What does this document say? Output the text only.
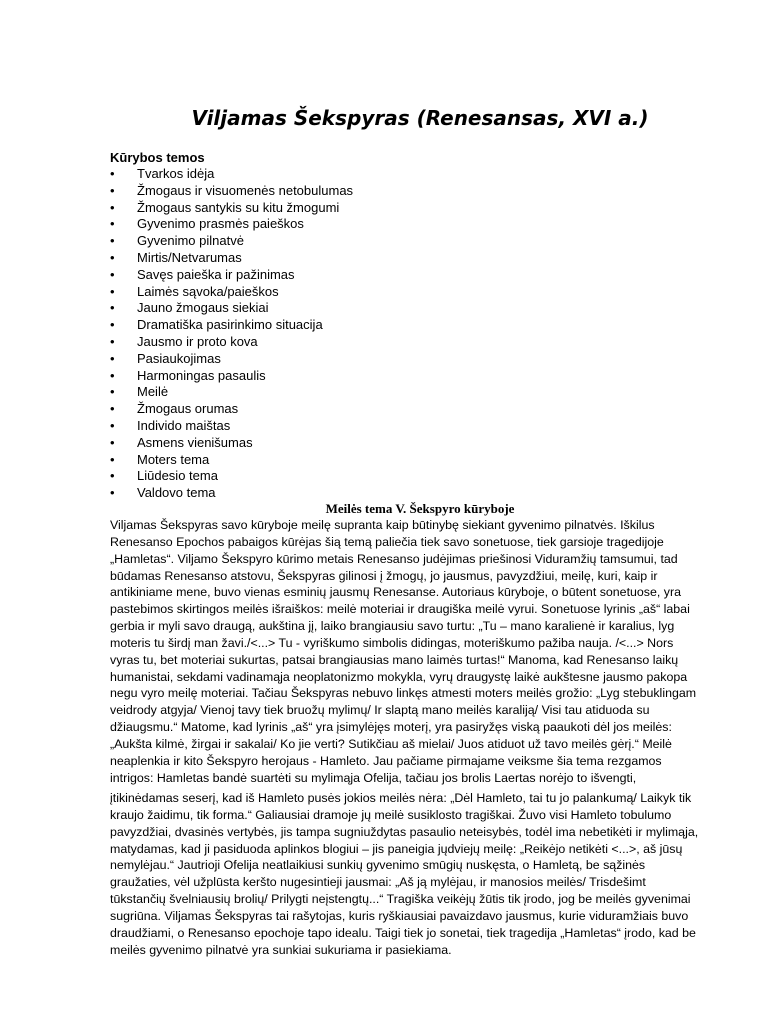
Viljamas Šekspyras (Renesansas, XVI a.)
Kūrybos temos
•	Tvarkos idėja
•	Žmogaus ir visuomenės netobulumas
•	Žmogaus santykis su kitu žmogumi
•	Gyvenimo prasmės paieškos
•	Gyvenimo pilnatvė
•	Mirtis/Netvarumas
•	Savęs paieška ir pažinimas
•	Laimės sąvoka/paieškos
•	Jauno žmogaus siekiai
•	Dramatiška pasirinkimo situacija
•	Jausmo ir proto kova
•	Pasiaukojimas
•	Harmoningas pasaulis
•	Meilė
•	Žmogaus orumas
•	Individo maištas
•	Asmens vienišumas
•	Moters tema
•	Liūdesio tema
•	Valdovo tema
Meilės tema V. Šekspyro kūryboje
Viljamas Šekspyras savo kūryboje meilę supranta kaip būtinybę siekiant gyvenimo pilnatvės. Iškilus
Renesanso Epochos pabaigos kūrėjas šią temą paliečia tiek savo sonetuose, tiek garsioje tragedijoje
„Hamletas“. Viljamo Šekspyro kūrimo metais Renesanso judėjimas priešinosi Viduramžių tamsumui, tad
būdamas Renesanso atstovu, Šekspyras gilinosi į žmogų, jo jausmus, pavyzdžiui, meilę, kuri, kaip ir
antikiniame mene, buvo vienas esminių jausmų Renesanse. Autoriaus kūryboje, o būtent sonetuose, yra
pastebimos skirtingos meilės išraiškos: meilė moteriai ir draugiška meilė vyrui. Sonetuose lyrinis „aš“ labai
gerbia ir myli savo draugą, aukština jį, laiko brangiausiu savo turtu: „Tu – mano karalienė ir karalius, lyg
moteris tu širdį man žavi./<...> Tu - vyriškumo simbolis didingas, moteriškumo pažiba nauja. /<...> Nors
vyras tu, bet moteriai sukurtas, patsai brangiausias mano laimės turtas!“ Manoma, kad Renesanso laikų
humanistai, sekdami vadinamąja neoplatonizmo mokykla, vyrų draugystę laikė aukštesne jausmo pakopa
negu vyro meilę moteriai. Tačiau Šekspyras nebuvo linkęs atmesti moters meilės grožio: „Lyg stebuklingam
veidrody atgyja/ Vienoj tavy tiek bruožų mylimų/ Ir slaptą mano meilės karaliją/ Visi tau atiduoda su
džiaugsmu.“ Matome, kad lyrinis „aš“ yra įsimylėjęs moterį, yra pasiryžęs viską paaukoti dėl jos meilės:
„Aukšta kilmė, žirgai ir sakalai/ Ko jie verti? Sutikčiau aš mielai/ Juos atiduot už tavo meilės gėrį.“ Meilė
neaplenkia ir kito Šekspyro herojaus - Hamleto. Jau pačiame pirmajame veiksme šia tema rezgamos
intrigos: Hamletas bandė suartėti su mylimąja Ofelija, tačiau jos brolis Laertas norėjo to išvengti,
įtikinėdamas seserį, kad iš Hamleto pusės jokios meilės nėra: „Dėl Hamleto, tai tu jo palankumą/ Laikyk tik
kraujo žaidimu, tik forma.“ Galiausiai dramoje jų meilė susiklosto tragiškai. Žuvo visi Hamleto tobulumo
pavyzdžiai, dvasinės vertybės, jis tampa sugniuždytas pasaulio neteisybės, todėl ima nebetikėti ir mylimąja,
matydamas, kad ji pasiduoda aplinkos blogiui – jis paneigia jųdviejų meilę: „Reikėjo netikėti <...>, aš jūsų
nemylėjau.“ Jautrioji Ofelija neatlaikiusi sunkių gyvenimo smūgių nuskęsta, o Hamletą, be sąžinės
graužaties, vėl užplūsta keršto nugesintieji jausmai: „Aš ją mylėjau, ir manosios meilės/ Trisdešimt
tūkstančių švelniausių brolių/ Prilygti neįstengtų...“ Tragiška veikėjų žūtis tik įrodo, jog be meilės gyvenimai
sugriūna. Viljamas Šekspyras tai rašytojas, kuris ryškiausiai pavaizdavo jausmus, kurie viduramžiais buvo
draudžiami, o Renesanso epochoje tapo idealu. Taigi tiek jo sonetai, tiek tragedija „Hamletas“ įrodo, kad be
meilės gyvenimo pilnatvė yra sunkiai sukuriama ir pasiekiama.
